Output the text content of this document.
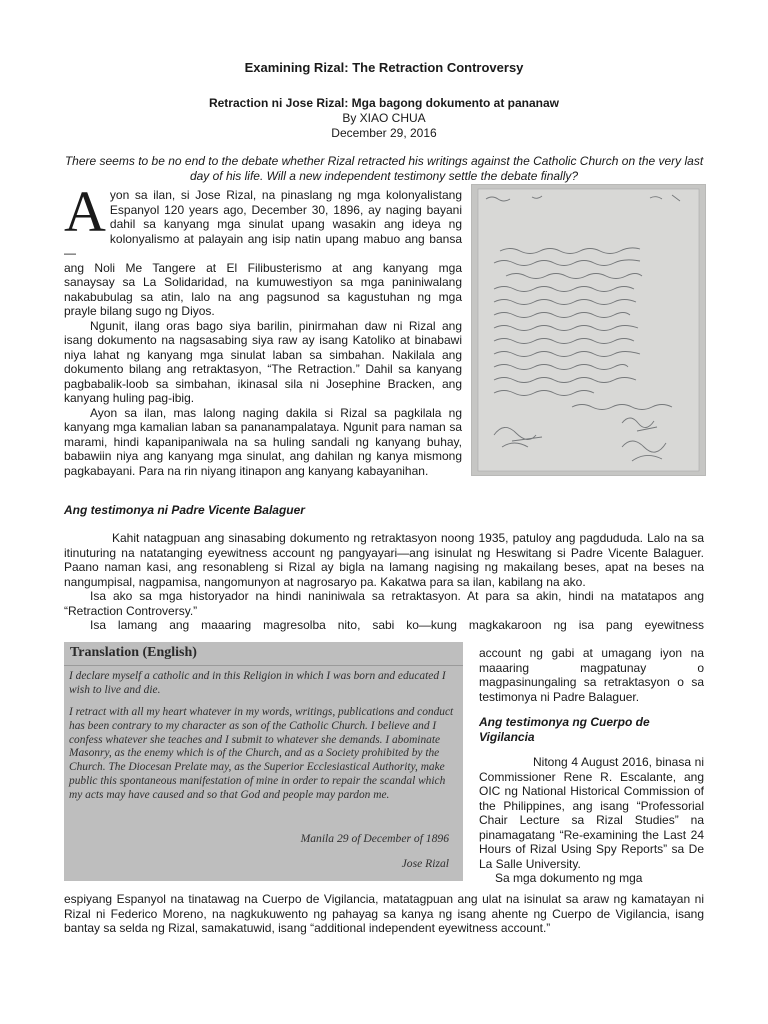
Examining Rizal: The Retraction Controversy
Retraction ni Jose Rizal: Mga bagong dokumento at pananaw
By XIAO CHUA
December 29, 2016
There seems to be no end to the debate whether Rizal retracted his writings against the Catholic Church on the very last day of his life. Will a new independent testimony settle the debate finally?

A yon sa ilan, si Jose Rizal, na pinaslang ng mga kolonyalistang
Espanyol 120 years ago, December 30, 1896, ay naging bayani
dahil sa kanyang mga sinulat upang wasakin ang ideya ng
kolonyalismo at palayain ang isip natin upang mabuo ang bansa—
ang Noli Me Tangere at El Filibusterismo at ang kanyang mga
sanaysay sa La Solidaridad, na kumuwestiyon sa mga paniniwalang
nakabubulag sa atin, lalo na ang pagsunod sa kagustuhan ng mga
prayle bilang sugo ng Diyos.

Ngunit, ilang oras bago siya barilin, pinirmahan daw ni Rizal ang isang dokumento na nagsasabing siya raw ay isang Katoliko at binabawi niya lahat ng kanyang mga sinulat laban sa simbahan. Nakilala ang dokumento bilang ang retraktasyon, “The Retraction.” Dahil sa kanyang pagbabalik-loob sa simbahan, ikinasal sila ni Josephine Bracken, ang kanyang huling pag-ibig.

Ayon sa ilan, mas lalong naging dakila si Rizal sa pagkilala ng kanyang mga kamalian laban sa pananampalataya. Ngunit para naman sa marami, hindi kapanipaniwala na sa huling sandali ng kanyang buhay, babawiin niya ang kanyang mga sinulat, ang dahilan ng kanya mismong pagkabayani. Para na rin niyang itinapon ang kanyang kabayanihan.

Ang testimonya ni Padre Vicente Balaguer

Kahit natagpuan ang sinasabing dokumento ng retraktasyon noong 1935, patuloy ang pagdududa. Lalo na sa itinuturing na natatanging eyewitness account ng pangyayari—ang isinulat ng Heswitang si Padre Vicente Balaguer. Paano naman kasi, ang resonableng si Rizal ay bigla na lamang nagising ng makailang beses, apat na beses na nangumpisal, nagpamisa, nangomunyon at nagrosaryo pa. Kakatwa para sa ilan, kabilang na ako.

Isa ako sa mga historyador na hindi naniniwala sa retraktasyon. At para sa akin, hindi na matatapos ang “Retraction Controversy.”

Isa lamang ang maaaring magresolba nito, sabi ko—kung magkakaroon ng isa pang eyewitness

Translation (English)
I declare myself a catholic and in this Religion in which I was born and educated I wish to live and die.
I retract with all my heart whatever in my words, writings, publications and conduct has been contrary to my character as son of the Catholic Church. I believe and I confess whatever she teaches and I submit to whatever she demands. I abominate Masonry, as the enemy which is of the Church, and as a Society prohibited by the Church. The Diocesan Prelate may, as the Superior Ecclesiastical Authority, make public this spontaneous manifestation of mine in order to repair the scandal which my acts may have caused and so that God and people may pardon me.
Manila 29 of December of 1896
Jose Rizal

account ng gabi at umagang iyon na maaaring magpatunay o magpasinungaling sa retraktasyon o sa testimonya ni Padre Balaguer.

Ang testimonya ng Cuerpo de Vigilancia

Nitong 4 August 2016, binasa ni Commissioner Rene R. Escalante, ang OIC ng National Historical Commission of the Philippines, ang isang “Professorial Chair Lecture sa Rizal Studies” na pinamagatang “Re-examining the Last 24 Hours of Rizal Using Spy Reports” sa De La Salle University.

Sa mga dokumento ng mga

espiyang Espanyol na tinatawag na Cuerpo de Vigilancia, matatagpuan ang ulat na isinulat sa araw ng kamatayan ni Rizal ni Federico Moreno, na nagkukuwento ng pahayag sa kanya ng isang ahente ng Cuerpo de Vigilancia, isang bantay sa selda ng Rizal, samakatuwid, isang “additional independent eyewitness account.”
